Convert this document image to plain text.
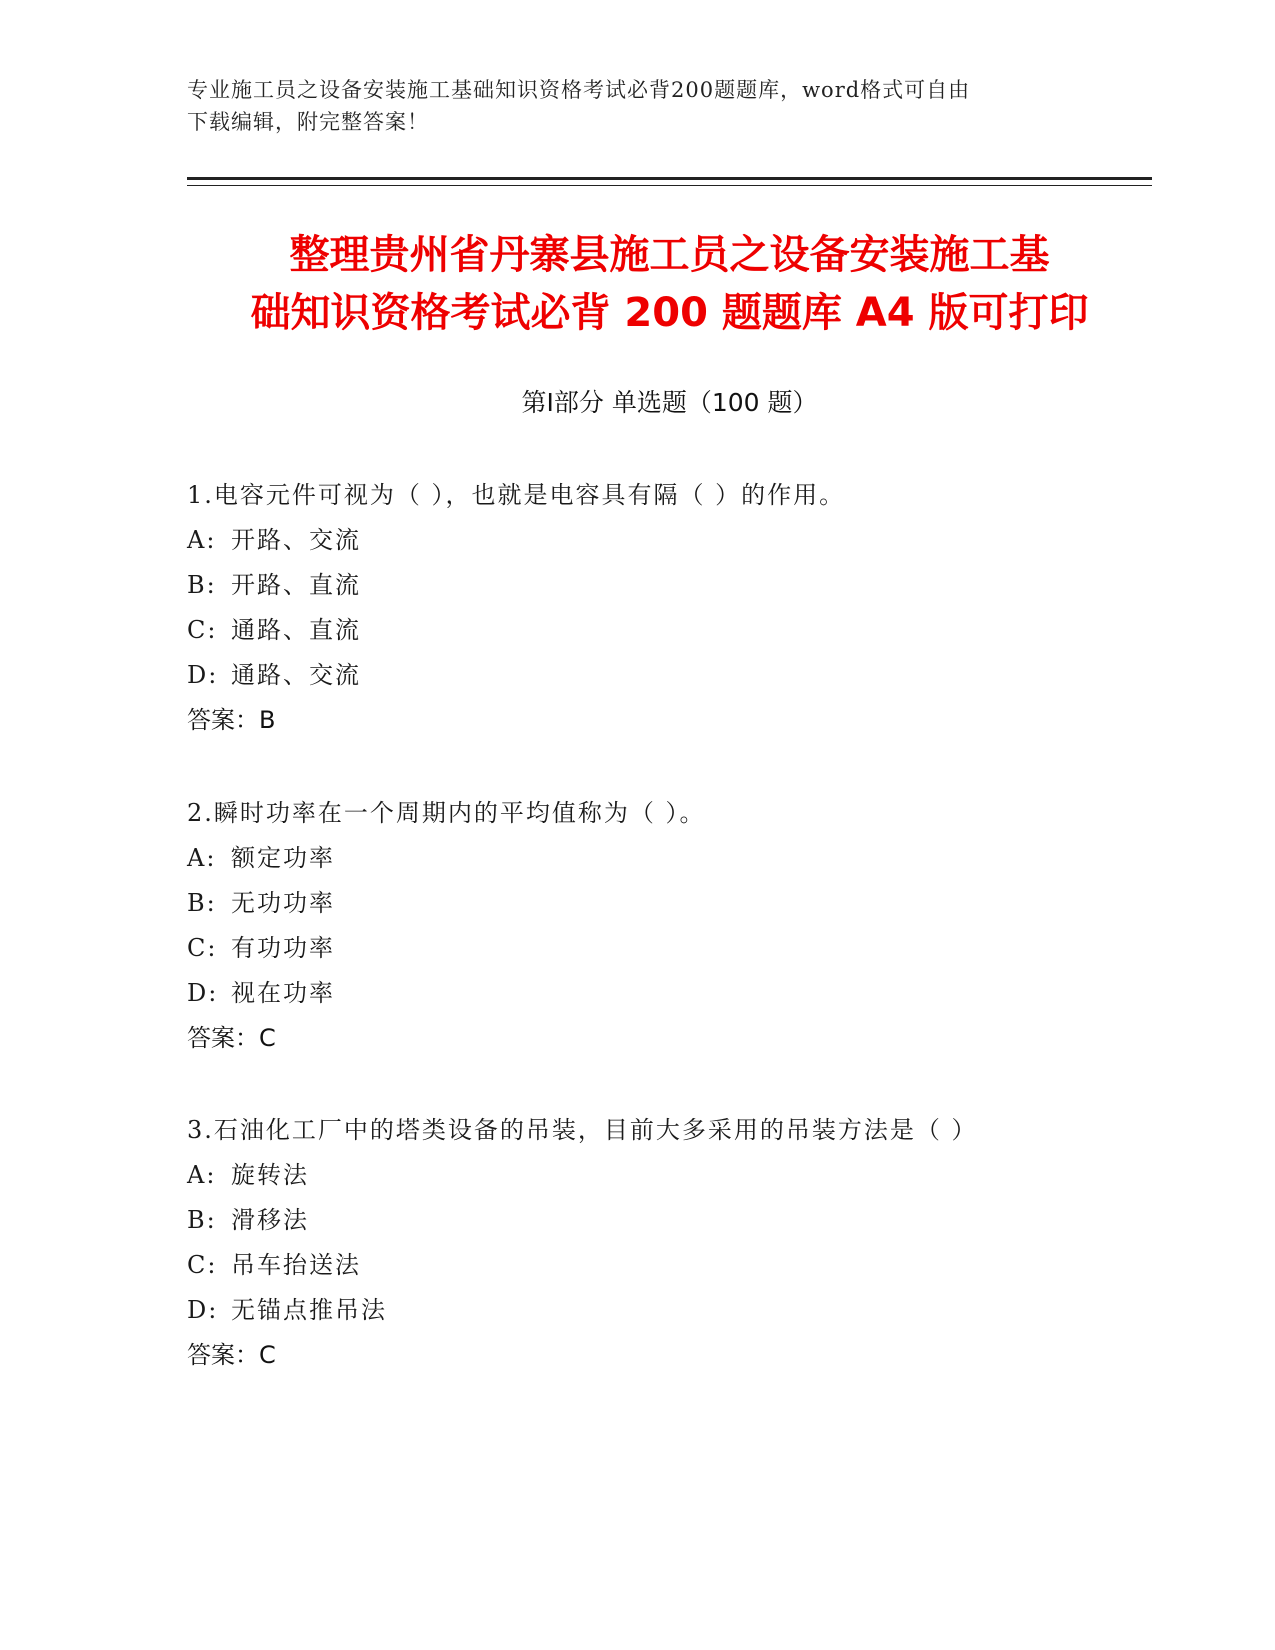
专业施工员之设备安装施工基础知识资格考试必背200题题库，word格式可自由
下载编辑，附完整答案！
整理贵州省丹寨县施工员之设备安装施工基
础知识资格考试必背 200 题题库 A4 版可打印
第Ⅰ部分 单选题（100 题）
1.电容元件可视为（ ），也就是电容具有隔（ ）的作用。
A: 开路、交流
B: 开路、直流
C: 通路、直流
D: 通路、交流
答案：B
2.瞬时功率在一个周期内的平均值称为（ ）。
A: 额定功率
B: 无功功率
C: 有功功率
D: 视在功率
答案：C
3.石油化工厂中的塔类设备的吊装，目前大多采用的吊装方法是（ ）
A: 旋转法
B: 滑移法
C: 吊车抬送法
D: 无锚点推吊法
答案：C
